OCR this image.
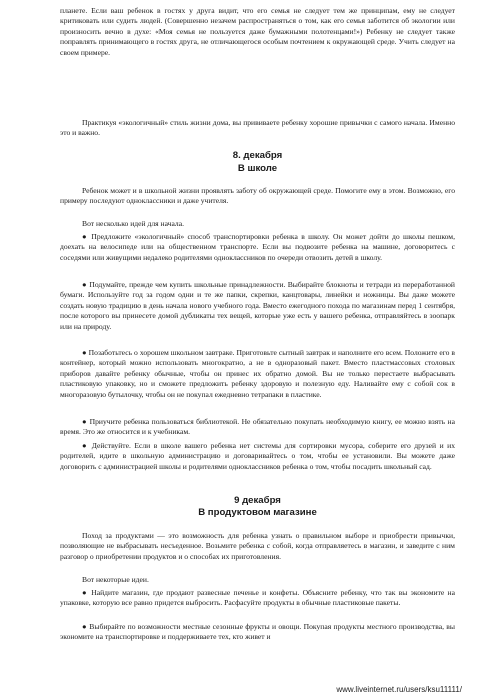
планете. Если ваш ребенок в гостях у друга видит, что его семья не следует тем же принципам, ему не следует критиковать или судить людей. (Совершенно незачем распространяться о том, как его семья заботится об экологии или произносить вечно в духе: «Моя семья не пользуется даже бумажными полотенцами!») Ребенку не следует также поправлять принимающего в гостях друга, не отличающегося особым почтением к окружающей среде. Учить следует на своем примере.

Практикуя «экологичный» стиль жизни дома, вы прививаете ребенку хорошие привычки с самого начала. Именно это и важно.

8. декабря
В школе

Ребенок может и в школьной жизни проявлять заботу об окружающей среде. Помогите ему в этом. Возможно, его примеру последуют одноклассники и даже учителя.

Вот несколько идей для начала.

● Предложите «экологичный» способ транспортировки ребенка в школу. Он может дойти до школы пешком, доехать на велосипеде или на общественном транспорте. Если вы подвозите ребенка на машине, договоритесь с соседями или живущими недалеко родителями одноклассников по очереди отвозить детей в школу.

● Подумайте, прежде чем купить школьные принадлежности. Выбирайте блокноты и тетради из переработанной бумаги. Используйте год за годом одни и те же папки, скрепки, канцтовары, линейки и ножницы. Вы даже можете создать новую традицию в день начала нового учебного года. Вместо ежегодного похода по магазинам перед 1 сентября, после которого вы принесете домой дубликаты тех вещей, которые уже есть у вашего ребенка, отправляйтесь в зоопарк или на природу.

● Позаботьтесь о хорошем школьном завтраке. Приготовьте сытный завтрак и наполните его всем. Положите его в контейнер, который можно использовать многократно, а не в одноразовый пакет. Вместо пластмассовых столовых приборов давайте ребенку обычные, чтобы он принес их обратно домой. Вы не только перестаете выбрасывать пластиковую упаковку, но и сможете предложить ребенку здоровую и полезную еду. Наливайте ему с собой сок в многоразовую бутылочку, чтобы он не покупал ежедневно тетрапаки в пластике.

● Приучите ребенка пользоваться библиотекой. Не обязательно покупать необходимую книгу, ее можно взять на время. Это же относится и к учебникам.

● Действуйте. Если в школе вашего ребенка нет системы для сортировки мусора, соберите его друзей и их родителей, идите в школьную администрацию и договаривайтесь о том, чтобы ее установили. Вы можете даже договорить с администрацией школы и родителями одноклассников ребенка о том, чтобы посадить школьный сад.

9 декабря
В продуктовом магазине

Поход за продуктами — это возможность для ребенка узнать о правильном выборе и приобрести привычки, позволяющие не выбрасывать несъеденное. Возьмите ребенка с собой, когда отправляетесь в магазин, и заведите с ним разговор о приобретении продуктов и о способах их приготовления.

Вот некоторые идеи.

● Найдите магазин, где продают развесные печенье и конфеты. Объясните ребенку, что так вы экономите на упаковке, которую все равно придется выбросить. Расфасуйте продукты в обычные пластиковые пакеты.

● Выбирайте по возможности местные сезонные фрукты и овощи. Покупая продукты местного производства, вы экономите на транспортировке и поддерживаете тех, кто живет и

www.liveinternet.ru/users/ksu11111/
